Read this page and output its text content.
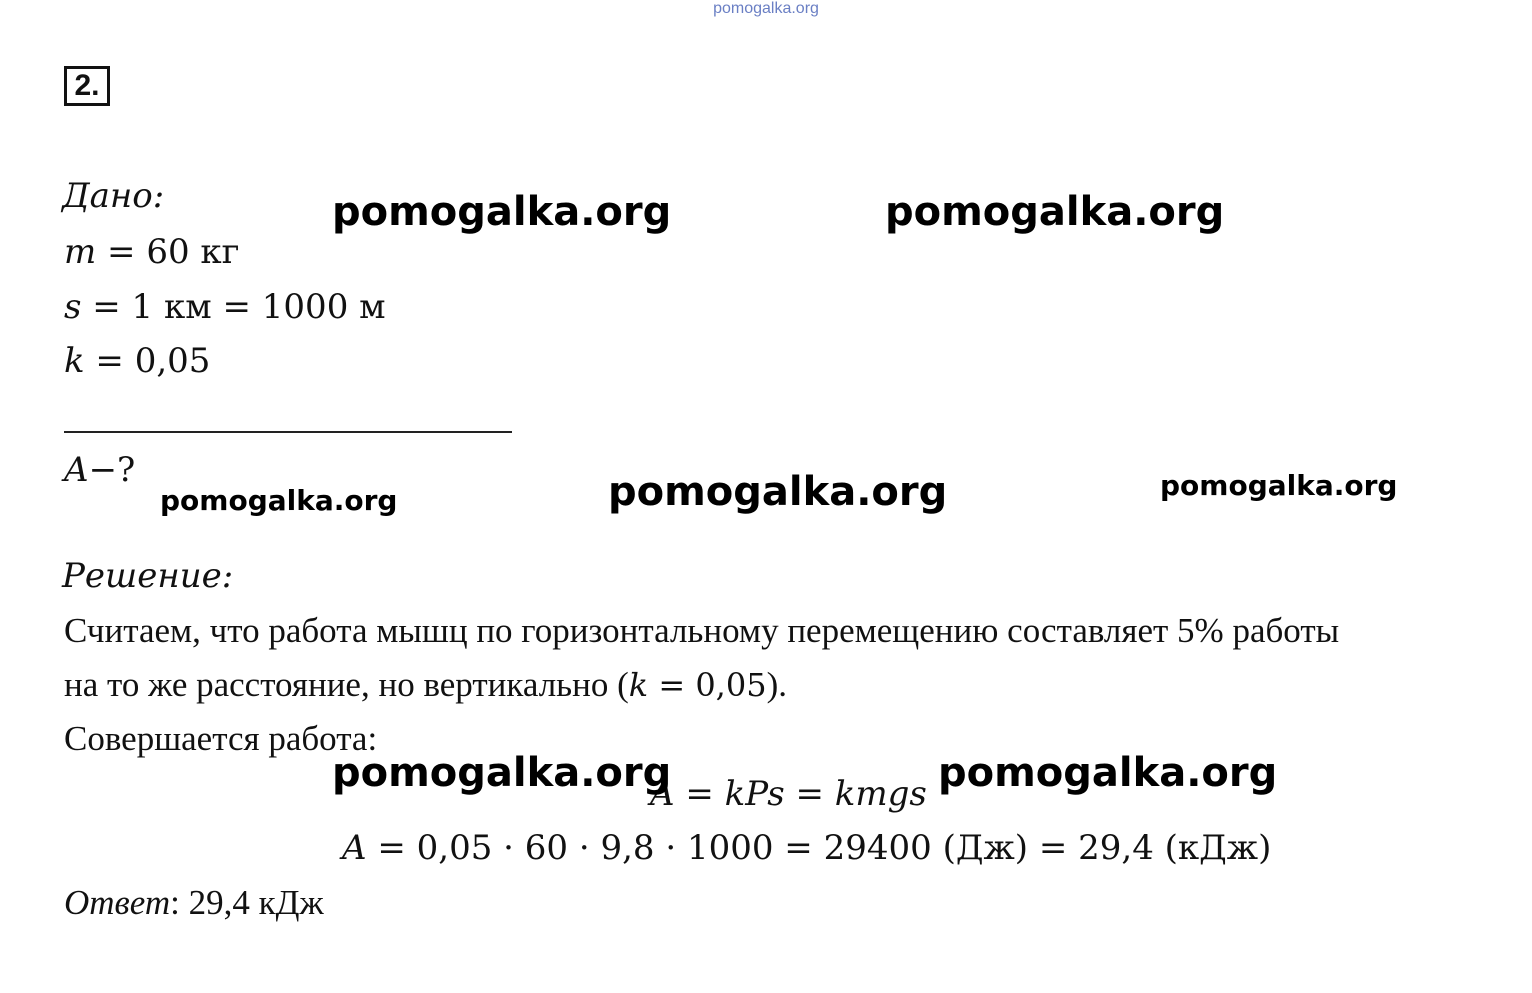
pomogalka.org
2.
Дано:
m = 60 кг
s = 1 км = 1000 м
k = 0,05
A−?
Решение:
Считаем, что работа мышц по горизонтальному перемещению составляет 5% работы
на то же расстояние, но вертикально (k = 0,05).
Совершается работа:
A = kPs = kmgs
A = 0,05 · 60 · 9,8 · 1000 = 29400 (Дж) = 29,4 (кДж)
Ответ: 29,4 кДж
pomogalka.org	pomogalka.org
pomogalka.org	pomogalka.org	pomogalka.org
pomogalka.org	pomogalka.org
